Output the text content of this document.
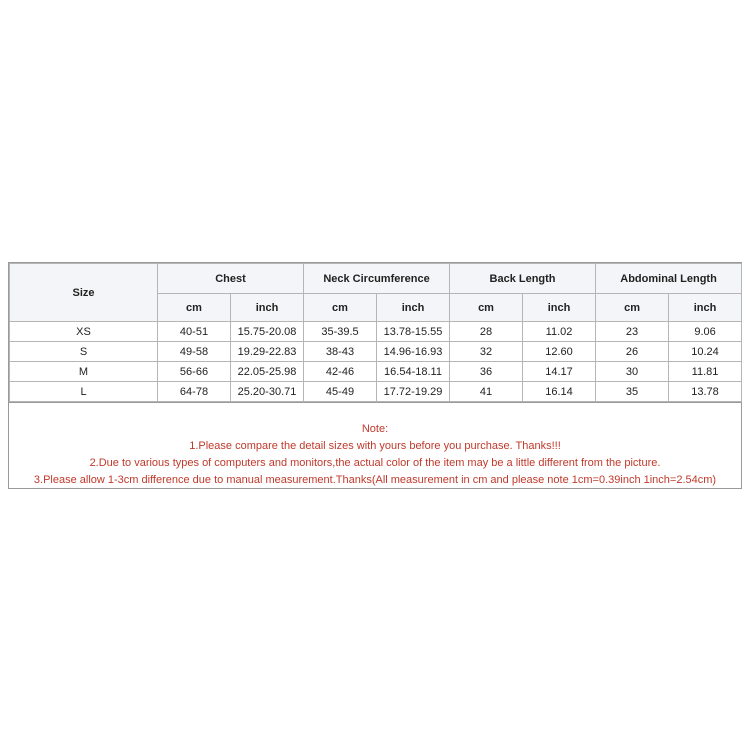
Size	Chest		Neck Circumference		Back Length		Abdominal Length	
	cm	inch	cm	inch	cm	inch	cm	inch
XS	40-51	15.75-20.08	35-39.5	13.78-15.55	28	11.02	23	9.06
S	49-58	19.29-22.83	38-43	14.96-16.93	32	12.60	26	10.24
M	56-66	22.05-25.98	42-46	16.54-18.11	36	14.17	30	11.81
L	64-78	25.20-30.71	45-49	17.72-19.29	41	16.14	35	13.78
Note:
1.Please compare the detail sizes with yours before you purchase. Thanks!!!
2.Due to various types of computers and monitors,the actual color of the item may be a little different from the picture.
3.Please allow 1-3cm difference due to manual measurement.Thanks(All measurement in cm and please note 1cm=0.39inch 1inch=2.54cm)
